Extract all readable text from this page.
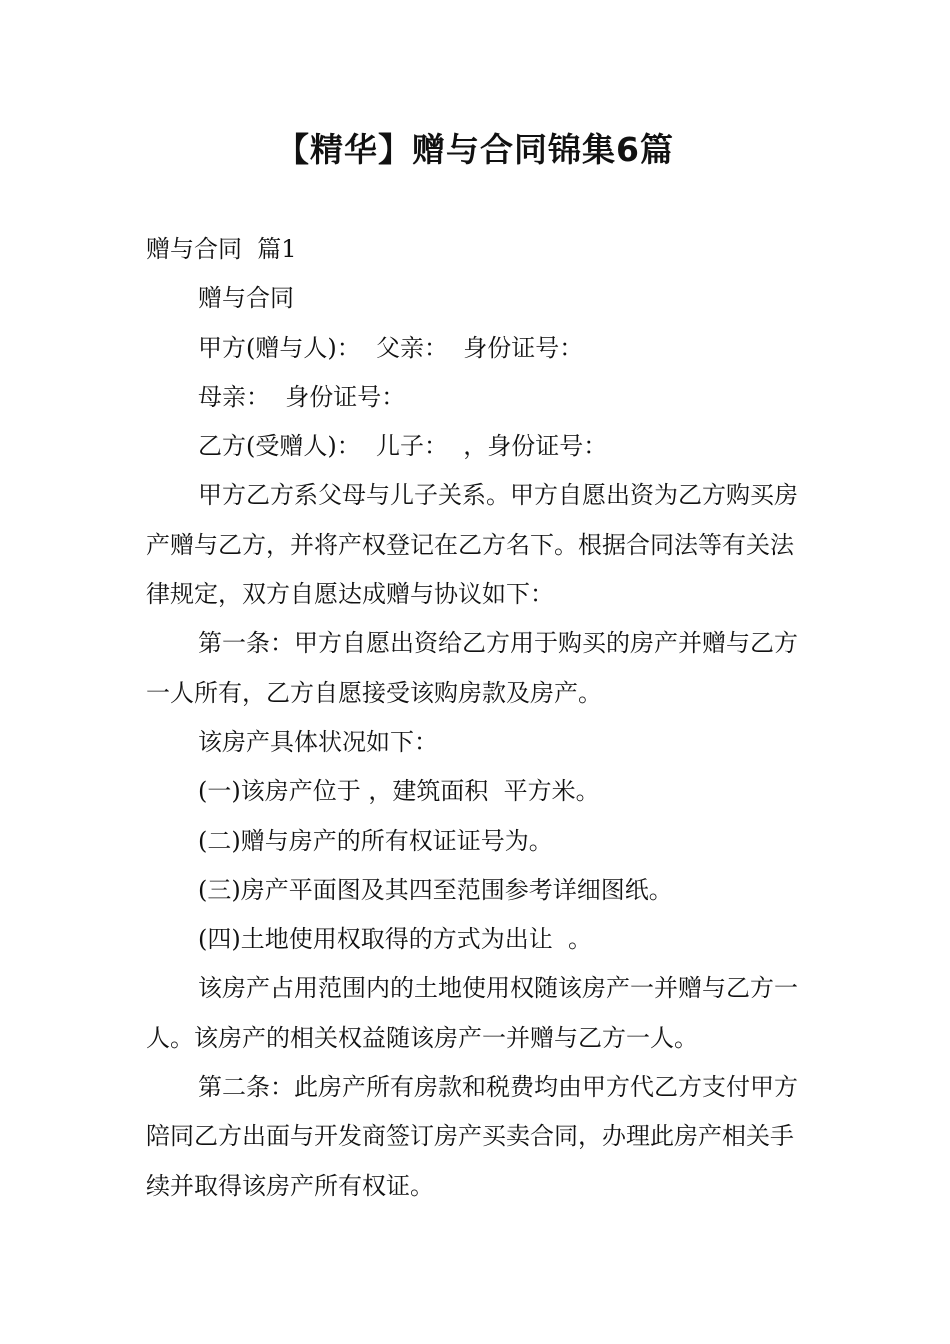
【精华】赠与合同锦集6篇

赠与合同  篇1

赠与合同

甲方(赠与人)：  父亲：  身份证号：

母亲：  身份证号：

乙方(受赠人)：  儿子：  ，身份证号：

甲方乙方系父母与儿子关系。甲方自愿出资为乙方购买房产赠与乙方，并将产权登记在乙方名下。根据合同法等有关法律规定，双方自愿达成赠与协议如下：

第一条：甲方自愿出资给乙方用于购买的房产并赠与乙方一人所有，乙方自愿接受该购房款及房产。

该房产具体状况如下：

(一)该房产位于 ，建筑面积  平方米。

(二)赠与房产的所有权证证号为。

(三)房产平面图及其四至范围参考详细图纸。

(四)土地使用权取得的方式为出让  。

该房产占用范围内的土地使用权随该房产一并赠与乙方一人。该房产的相关权益随该房产一并赠与乙方一人。

第二条：此房产所有房款和税费均由甲方代乙方支付甲方陪同乙方出面与开发商签订房产买卖合同，办理此房产相关手续并取得该房产所有权证。
